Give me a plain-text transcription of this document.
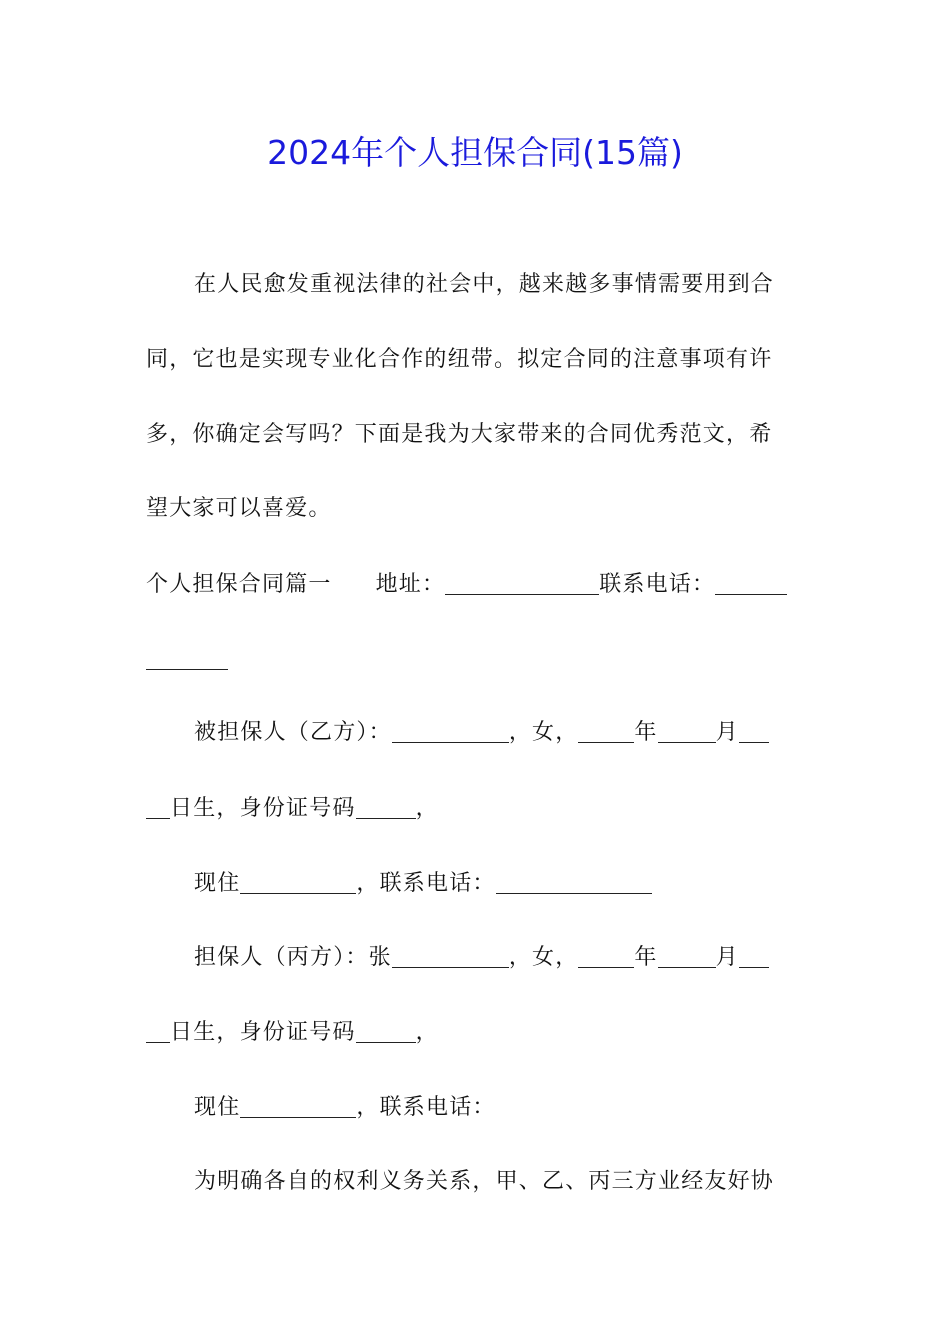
2024年个人担保合同(15篇)
在人民愈发重视法律的社会中，越来越多事情需要用到合
同，它也是实现专业化合作的纽带。拟定合同的注意事项有许
多，你确定会写吗？下面是我为大家带来的合同优秀范文，希
望大家可以喜爱。
个人担保合同篇一 地址：	联系电话：
被担保人（乙方）：	，女，	年	月
日生，身份证号码	，
现住	，联系电话：
担保人（丙方）：张	，女，	年	月
日生，身份证号码	，
现住	，联系电话：
为明确各自的权利义务关系，甲、乙、丙三方业经友好协
